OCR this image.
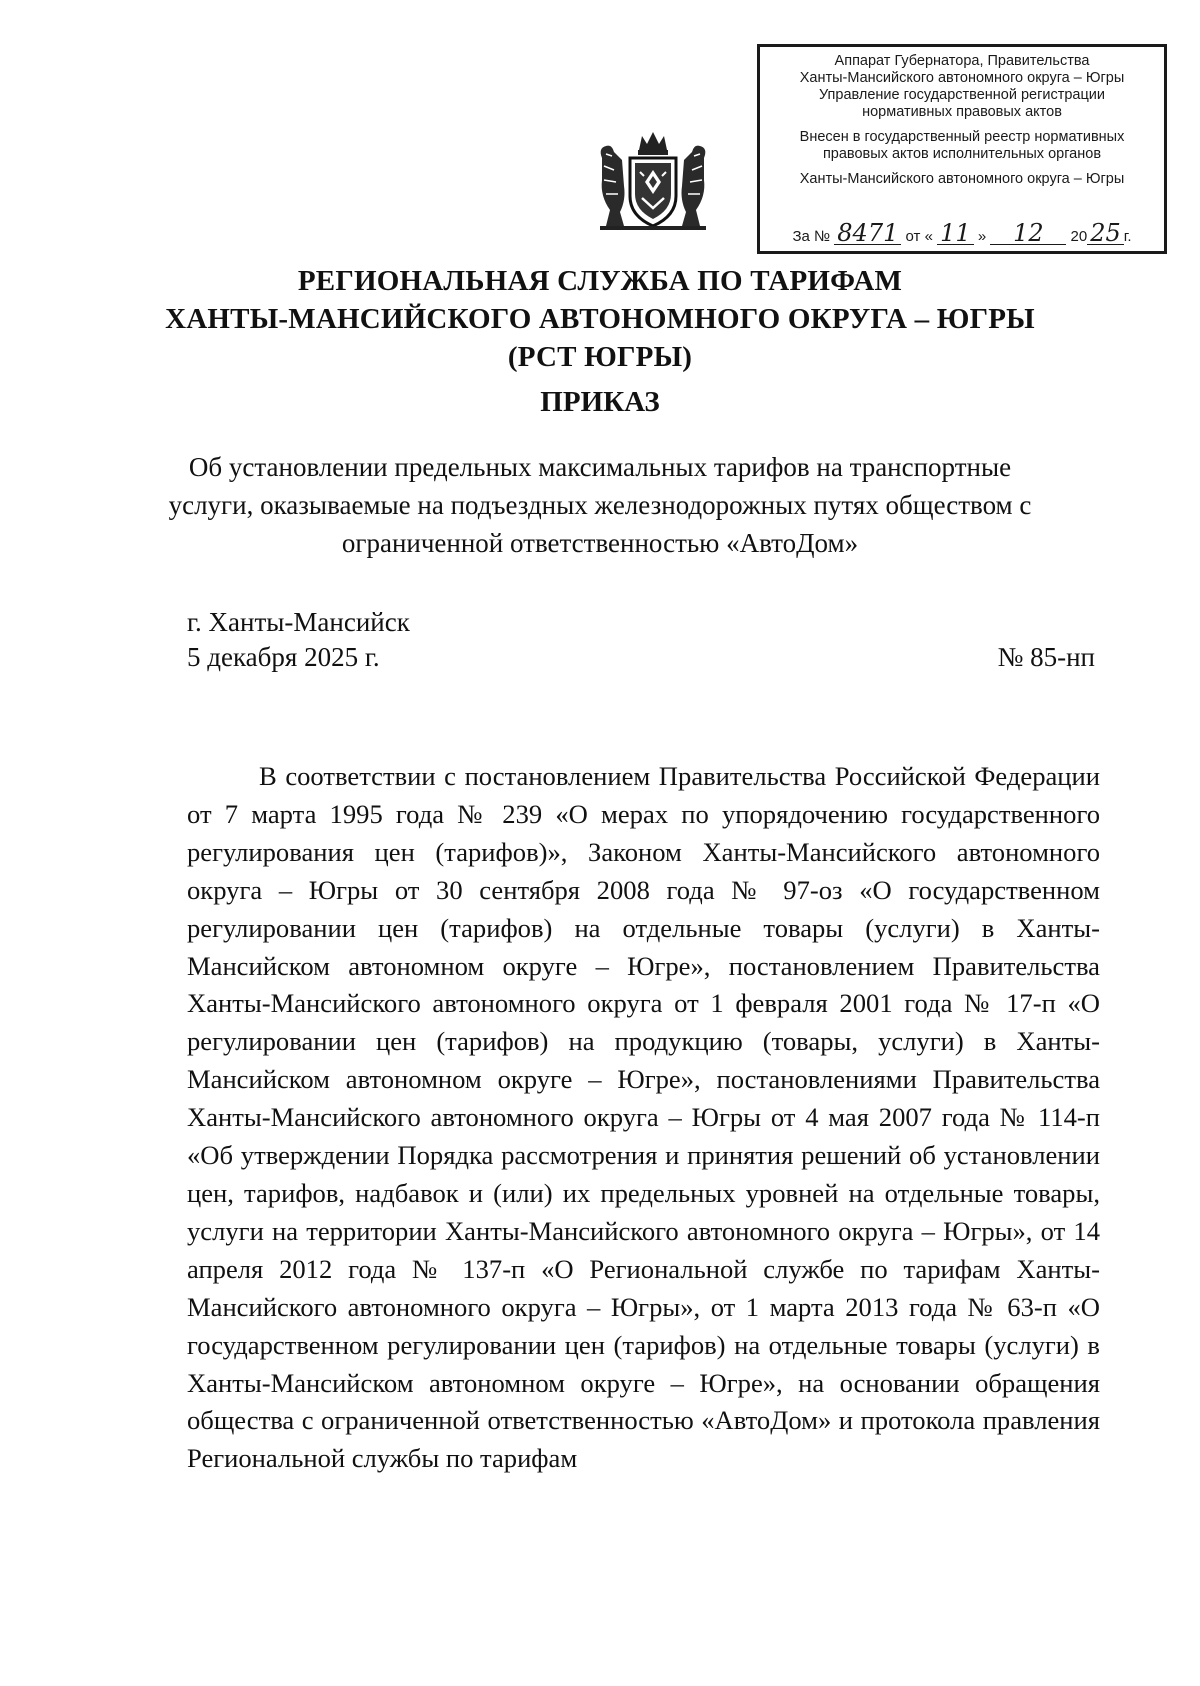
Аппарат Губернатора, Правительства
Ханты-Мансийского автономного округа – Югры
Управление государственной регистрации
нормативных правовых актов
Внесен в государственный реестр нормативных
правовых актов исполнительных органов
Ханты-Мансийского автономного округа – Югры
За № 8471 от « 11 » 12 20 25 г.
РЕГИОНАЛЬНАЯ СЛУЖБА ПО ТАРИФАМ
ХАНТЫ-МАНСИЙСКОГО АВТОНОМНОГО ОКРУГА – ЮГРЫ
(РСТ ЮГРЫ)
ПРИКАЗ
Об установлении предельных максимальных тарифов на транспортные услуги, оказываемые на подъездных железнодорожных путях обществом с ограниченной ответственностью «АвтоДом»
г. Ханты-Мансийск
5 декабря 2025 г.	№ 85-нп

В соответствии с постановлением Правительства Российской Федерации от 7 марта 1995 года № 239 «О мерах по упорядочению государственного регулирования цен (тарифов)», Законом Ханты-Мансийского автономного округа – Югры от 30 сентября 2008 года № 97-оз «О государственном регулировании цен (тарифов) на отдельные товары (услуги) в Ханты-Мансийском автономном округе – Югре», постановлением Правительства Ханты-Мансийского автономного округа от 1 февраля 2001 года № 17-п «О регулировании цен (тарифов) на продукцию (товары, услуги) в Ханты-Мансийском автономном округе – Югре», постановлениями Правительства Ханты-Мансийского автономного округа – Югры от 4 мая 2007 года № 114-п «Об утверждении Порядка рассмотрения и принятия решений об установлении цен, тарифов, надбавок и (или) их предельных уровней на отдельные товары, услуги на территории Ханты-Мансийского автономного округа – Югры», от 14 апреля 2012 года № 137-п «О Региональной службе по тарифам Ханты-Мансийского автономного округа – Югры», от 1 марта 2013 года № 63-п «О государственном регулировании цен (тарифов) на отдельные товары (услуги) в Ханты-Мансийском автономном округе – Югре», на основании обращения общества с ограниченной ответственностью «АвтоДом» и протокола правления Региональной службы по тарифам
